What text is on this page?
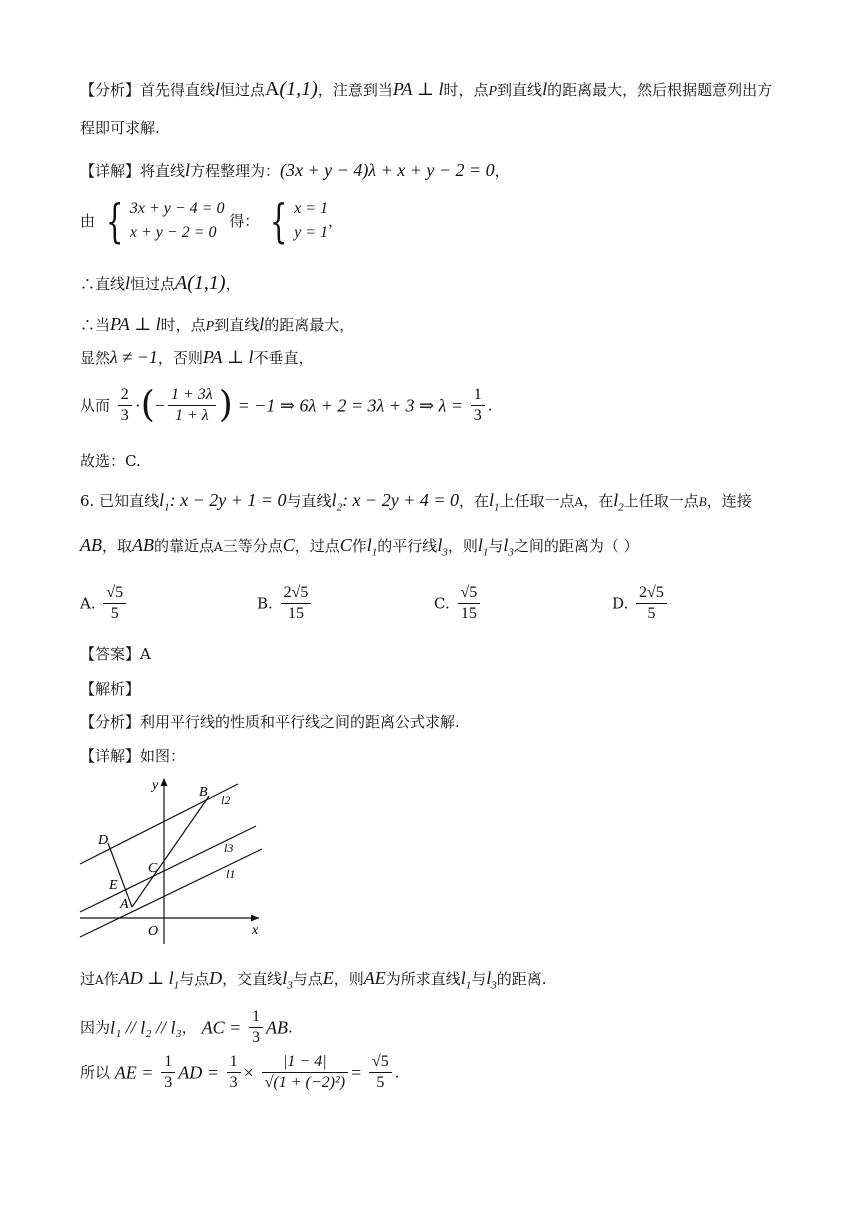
【分析】首先得直线l恒过点A(1,1)，注意到当PA ⊥ l时，点P到直线l的距离最大，然后根据题意列出方
程即可求解.
【详解】将直线l方程整理为：(3x + y − 4)λ + x + y − 2 = 0，
由 { 3x + y − 4 = 0
x + y − 2 = 0
得： { x = 1
y = 1
，
∴直线l恒过点A(1,1)，
∴当PA ⊥ l时，点P到直线l的距离最大，
显然λ ≠ −1，否则PA ⊥ l不垂直，
从而 $\frac{2}{3}$ ·(− $\frac{1 + 3\lambda}{1 + \lambda}$ ) = −1 ⇒ 6λ + 2 = 3λ + 3 ⇒ $\lambda = \frac{1}{3}$ .
故选：C.
6. 已知直线$l_1$: x − 2y + 1 = 0与直线$l_2$: x − 2y + 4 = 0，在$l_1$上任取一点A，在$l_2$上任取一点B，连接
AB，取AB的靠近点A三等分点C，过点C作$l_1$的平行线$l_3$，则$l_1$与$l_3$之间的距离为（ ）
A. $\frac{√5}{5}$	B. $\frac{2√5}{15}$	C. $\frac{√5}{15}$	D. $\frac{2√5}{5}$
【答案】A
【解析】
【分析】利用平行线的性质和平行线之间的距离公式求解.
【详解】如图：
y	B l2
D	l3
C	l1
E
A
O	x
过A作AD ⊥ $l_1$与点D，交直线$l_3$与点E，则AE为所求直线$l_1$与$l_3$的距离.
因为l₁ // l₂ // l₃， AC = $\frac{1}{3}$ AB.
所以 AE = $\frac{1}{3}$ AD = $\frac{1}{3} \times \frac{|1 - 4|}{\text{√(1 + (−2)²)}} = \frac{√5}{5}$ .
